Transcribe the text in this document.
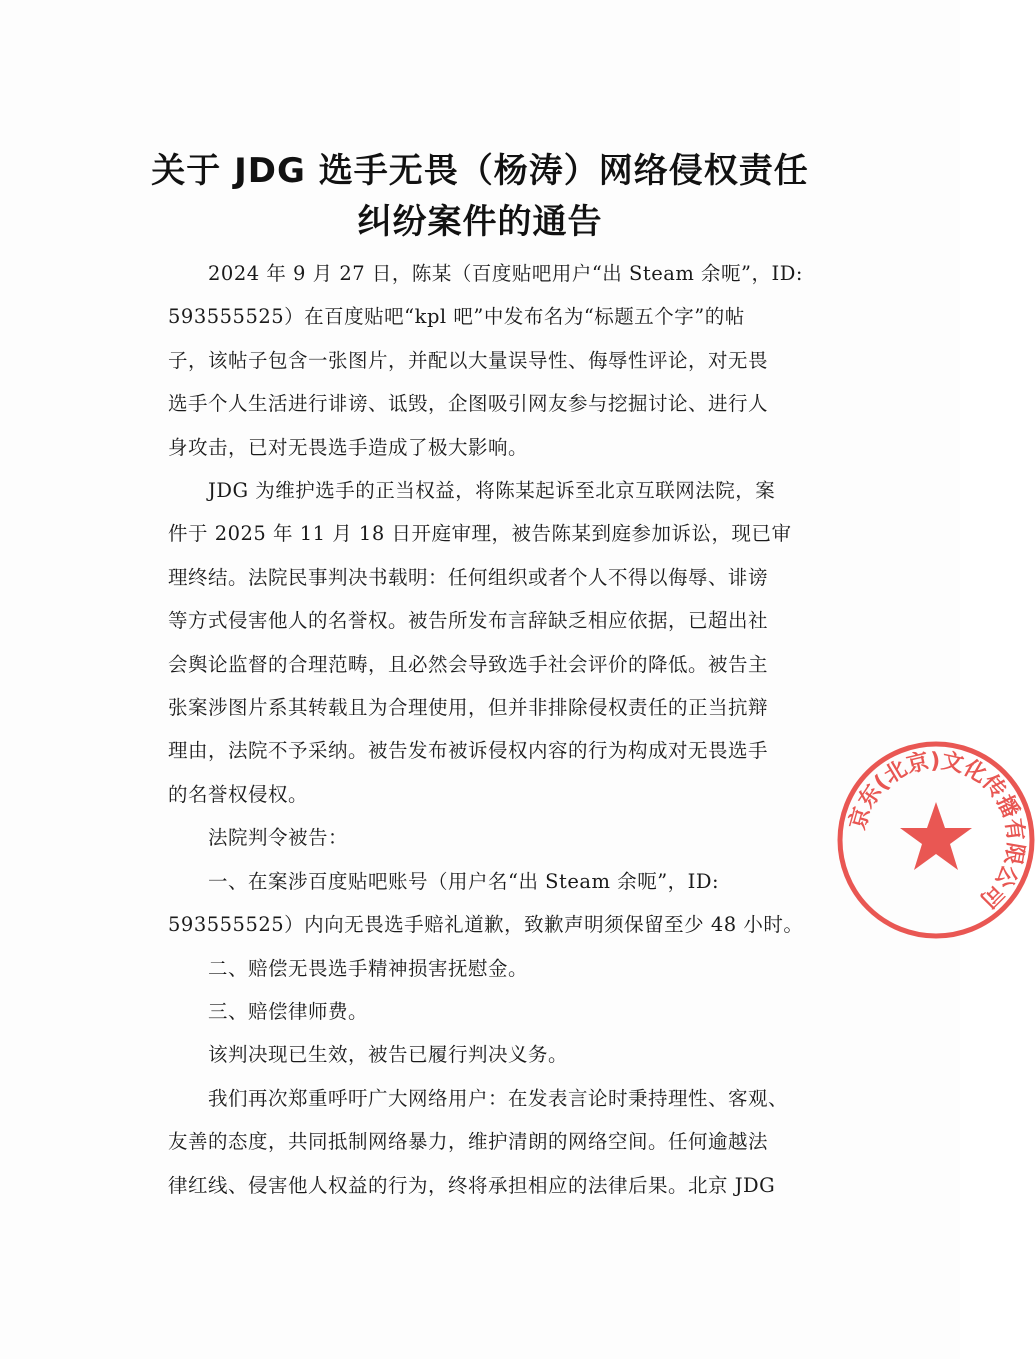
关于 JDG 选手无畏（杨涛）网络侵权责任
纠纷案件的通告
2024 年 9 月 27 日，陈某（百度贴吧用户“出 Steam 余呃”，ID:
593555525）在百度贴吧“kpl 吧”中发布名为“标题五个字”的帖
子，该帖子包含一张图片，并配以大量误导性、侮辱性评论，对无畏
选手个人生活进行诽谤、诋毁，企图吸引网友参与挖掘讨论、进行人
身攻击，已对无畏选手造成了极大影响。
JDG 为维护选手的正当权益，将陈某起诉至北京互联网法院，案
件于 2025 年 11 月 18 日开庭审理，被告陈某到庭参加诉讼，现已审
理终结。法院民事判决书载明：任何组织或者个人不得以侮辱、诽谤
等方式侵害他人的名誉权。被告所发布言辞缺乏相应依据，已超出社
会舆论监督的合理范畴，且必然会导致选手社会评价的降低。被告主
张案涉图片系其转载且为合理使用，但并非排除侵权责任的正当抗辩
理由，法院不予采纳。被告发布被诉侵权内容的行为构成对无畏选手
的名誉权侵权。
法院判令被告：
一、在案涉百度贴吧账号（用户名“出 Steam 余呃”，ID:
593555525）内向无畏选手赔礼道歉，致歉声明须保留至少 48 小时。
二、赔偿无畏选手精神损害抚慰金。
三、赔偿律师费。
该判决现已生效，被告已履行判决义务。
我们再次郑重呼吁广大网络用户：在发表言论时秉持理性、客观、
友善的态度，共同抵制网络暴力，维护清朗的网络空间。任何逾越法
律红线、侵害他人权益的行为，终将承担相应的法律后果。北京 JDG
京东(北京)文化传播有限公司
